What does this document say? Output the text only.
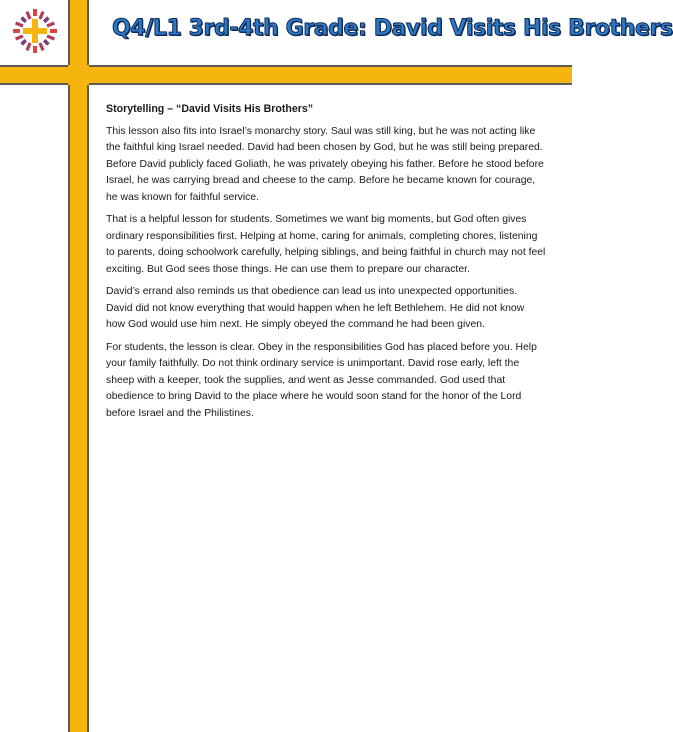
Q4/L1 3rd-4th Grade: David Visits His Brothers

Storytelling – “David Visits His Brothers”

This lesson also fits into Israel’s monarchy story. Saul was still king, but he was not acting like the faithful king Israel needed. David had been chosen by God, but he was still being prepared. Before David publicly faced Goliath, he was privately obeying his father. Before he stood before Israel, he was carrying bread and cheese to the camp. Before he became known for courage, he was known for faithful service.

That is a helpful lesson for students. Sometimes we want big moments, but God often gives ordinary responsibilities first. Helping at home, caring for animals, completing chores, listening to parents, doing schoolwork carefully, helping siblings, and being faithful in church may not feel exciting. But God sees those things. He can use them to prepare our character.

David’s errand also reminds us that obedience can lead us into unexpected opportunities. David did not know everything that would happen when he left Bethlehem. He did not know how God would use him next. He simply obeyed the command he had been given.

For students, the lesson is clear. Obey in the responsibilities God has placed before you. Help your family faithfully. Do not think ordinary service is unimportant. David rose early, left the sheep with a keeper, took the supplies, and went as Jesse commanded. God used that obedience to bring David to the place where he would soon stand for the honor of the Lord before Israel and the Philistines.
